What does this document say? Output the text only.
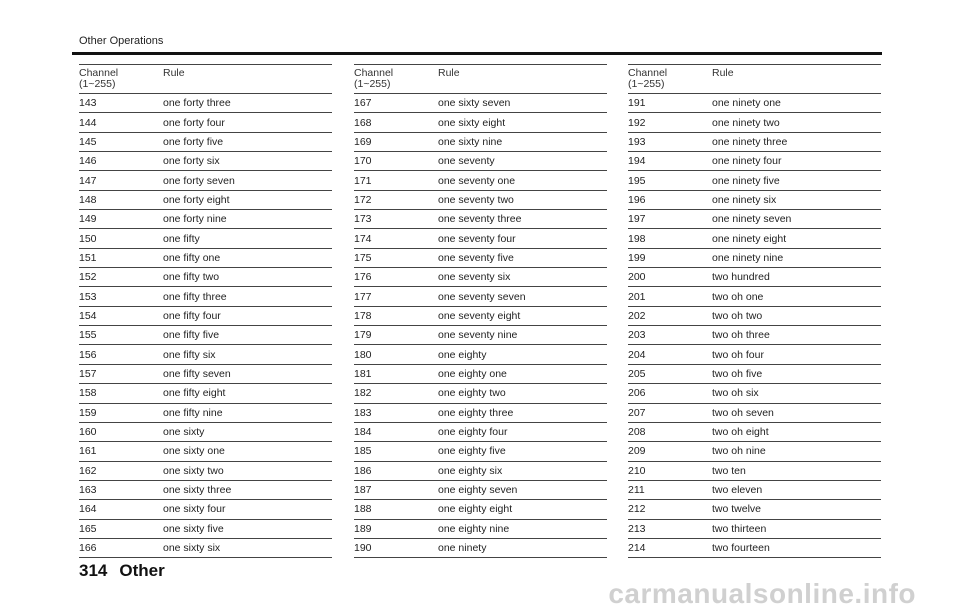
Other Operations
Channel
(1~255)
Rule
143	one forty three
144	one forty four
145	one forty five
146	one forty six
147	one forty seven
148	one forty eight
149	one forty nine
150	one fifty
151	one fifty one
152	one fifty two
153	one fifty three
154	one fifty four
155	one fifty five
156	one fifty six
157	one fifty seven
158	one fifty eight
159	one fifty nine
160	one sixty
161	one sixty one
162	one sixty two
163	one sixty three
164	one sixty four
165	one sixty five
166	one sixty six
Channel
(1~255)
Rule
167	one sixty seven
168	one sixty eight
169	one sixty nine
170	one seventy
171	one seventy one
172	one seventy two
173	one seventy three
174	one seventy four
175	one seventy five
176	one seventy six
177	one seventy seven
178	one seventy eight
179	one seventy nine
180	one eighty
181	one eighty one
182	one eighty two
183	one eighty three
184	one eighty four
185	one eighty five
186	one eighty six
187	one eighty seven
188	one eighty eight
189	one eighty nine
190	one ninety
Channel
(1~255)
Rule
191	one ninety one
192	one ninety two
193	one ninety three
194	one ninety four
195	one ninety five
196	one ninety six
197	one ninety seven
198	one ninety eight
199	one ninety nine
200	two hundred
201	two oh one
202	two oh two
203	two oh three
204	two oh four
205	two oh five
206	two oh six
207	two oh seven
208	two oh eight
209	two oh nine
210	two ten
211	two eleven
212	two twelve
213	two thirteen
214	two fourteen
314 Other
carmanualsonline.info
